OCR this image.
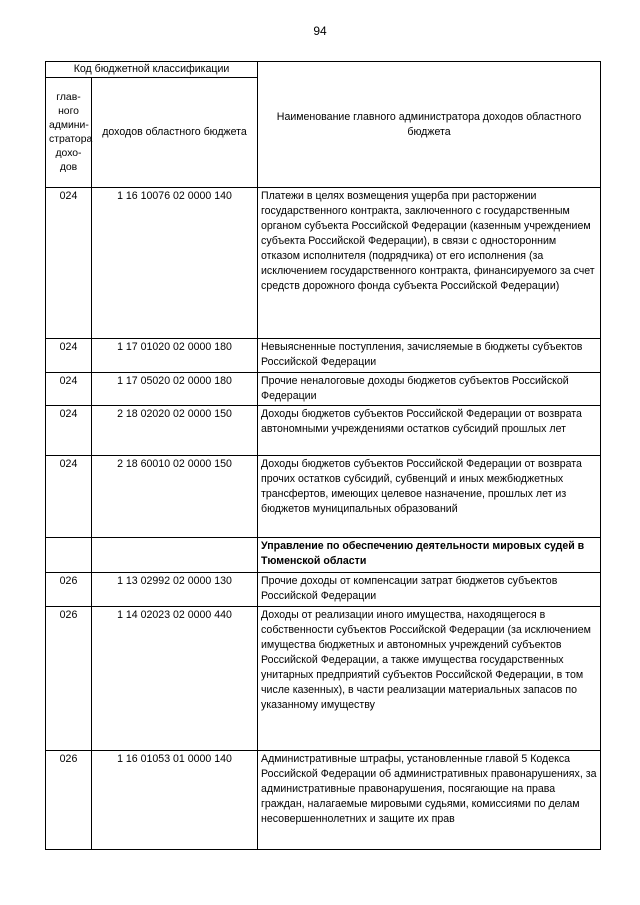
94
Код бюджетной классификации		Наименование главного администратора доходов областного бюджета
глав-ного админи-стратора дохо-дов	доходов областного бюджета	
024	1 16 10076 02 0000 140	Платежи в целях возмещения ущерба при расторжении государственного контракта, заключенного с государственным органом субъекта Российской Федерации (казенным учреждением субъекта Российской Федерации), в связи с односторонним отказом исполнителя (подрядчика) от его исполнения (за исключением государственного контракта, финансируемого за счет средств дорожного фонда субъекта Российской Федерации)
024	1 17 01020 02 0000 180	Невыясненные поступления, зачисляемые в бюджеты субъектов Российской Федерации
024	1 17 05020 02 0000 180	Прочие неналоговые доходы бюджетов субъектов Российской Федерации
024	2 18 02020 02 0000 150	Доходы бюджетов субъектов Российской Федерации от возврата автономными учреждениями остатков субсидий прошлых лет
024	2 18 60010 02 0000 150	Доходы бюджетов субъектов Российской Федерации от возврата прочих остатков субсидий, субвенций и иных межбюджетных трансфертов, имеющих целевое назначение, прошлых лет из бюджетов муниципальных образований
		Управление по обеспечению деятельности мировых судей в Тюменской области
026	1 13 02992 02 0000 130	Прочие доходы от компенсации затрат бюджетов субъектов Российской Федерации
026	1 14 02023 02 0000 440	Доходы от реализации иного имущества, находящегося в собственности субъектов Российской Федерации (за исключением имущества бюджетных и автономных учреждений субъектов Российской Федерации, а также имущества государственных унитарных предприятий субъектов Российской Федерации, в том числе казенных), в части реализации материальных запасов по указанному имуществу
026	1 16 01053 01 0000 140	Административные штрафы, установленные главой 5 Кодекса Российской Федерации об административных правонарушениях, за административные правонарушения, посягающие на права граждан, налагаемые мировыми судьями, комиссиями по делам несовершеннолетних и защите их прав
